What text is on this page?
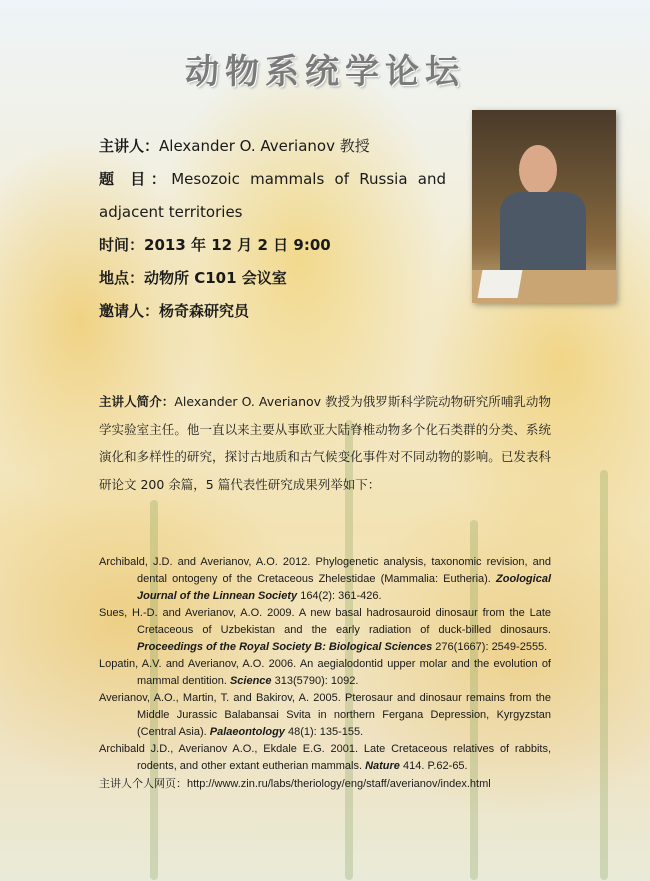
动物系统学论坛

主讲人：Alexander O. Averianov 教授

题 目：Mesozoic mammals of Russia and adjacent territories

时间：2013 年 12 月 2 日 9:00

地点：动物所 C101 会议室

邀请人：杨奇森研究员

主讲人简介：Alexander O. Averianov 教授为俄罗斯科学院动物研究所哺乳动物学实验室主任。他一直以来主要从事欧亚大陆脊椎动物多个化石类群的分类、系统演化和多样性的研究，探讨古地质和古气候变化事件对不同动物的影响。已发表科研论文 200 余篇，5 篇代表性研究成果列举如下：

Archibald, J.D. and Averianov, A.O. 2012. Phylogenetic analysis, taxonomic revision, and dental ontogeny of the Cretaceous Zhelestidae (Mammalia: Eutheria). Zoological Journal of the Linnean Society 164(2): 361-426.

Sues, H.-D. and Averianov, A.O. 2009. A new basal hadrosauroid dinosaur from the Late Cretaceous of Uzbekistan and the early radiation of duck-billed dinosaurs. Proceedings of the Royal Society B: Biological Sciences 276(1667): 2549-2555.

Lopatin, A.V. and Averianov, A.O. 2006. An aegialodontid upper molar and the evolution of mammal dentition. Science 313(5790): 1092.

Averianov, A.O., Martin, T. and Bakirov, A. 2005. Pterosaur and dinosaur remains from the Middle Jurassic Balabansai Svita in northern Fergana Depression, Kyrgyzstan (Central Asia). Palaeontology 48(1): 135-155.

Archibald J.D., Averianov A.O., Ekdale E.G. 2001. Late Cretaceous relatives of rabbits, rodents, and other extant eutherian mammals. Nature 414. P.62-65.

主讲人个人网页：http://www.zin.ru/labs/theriology/eng/staff/averianov/index.html
